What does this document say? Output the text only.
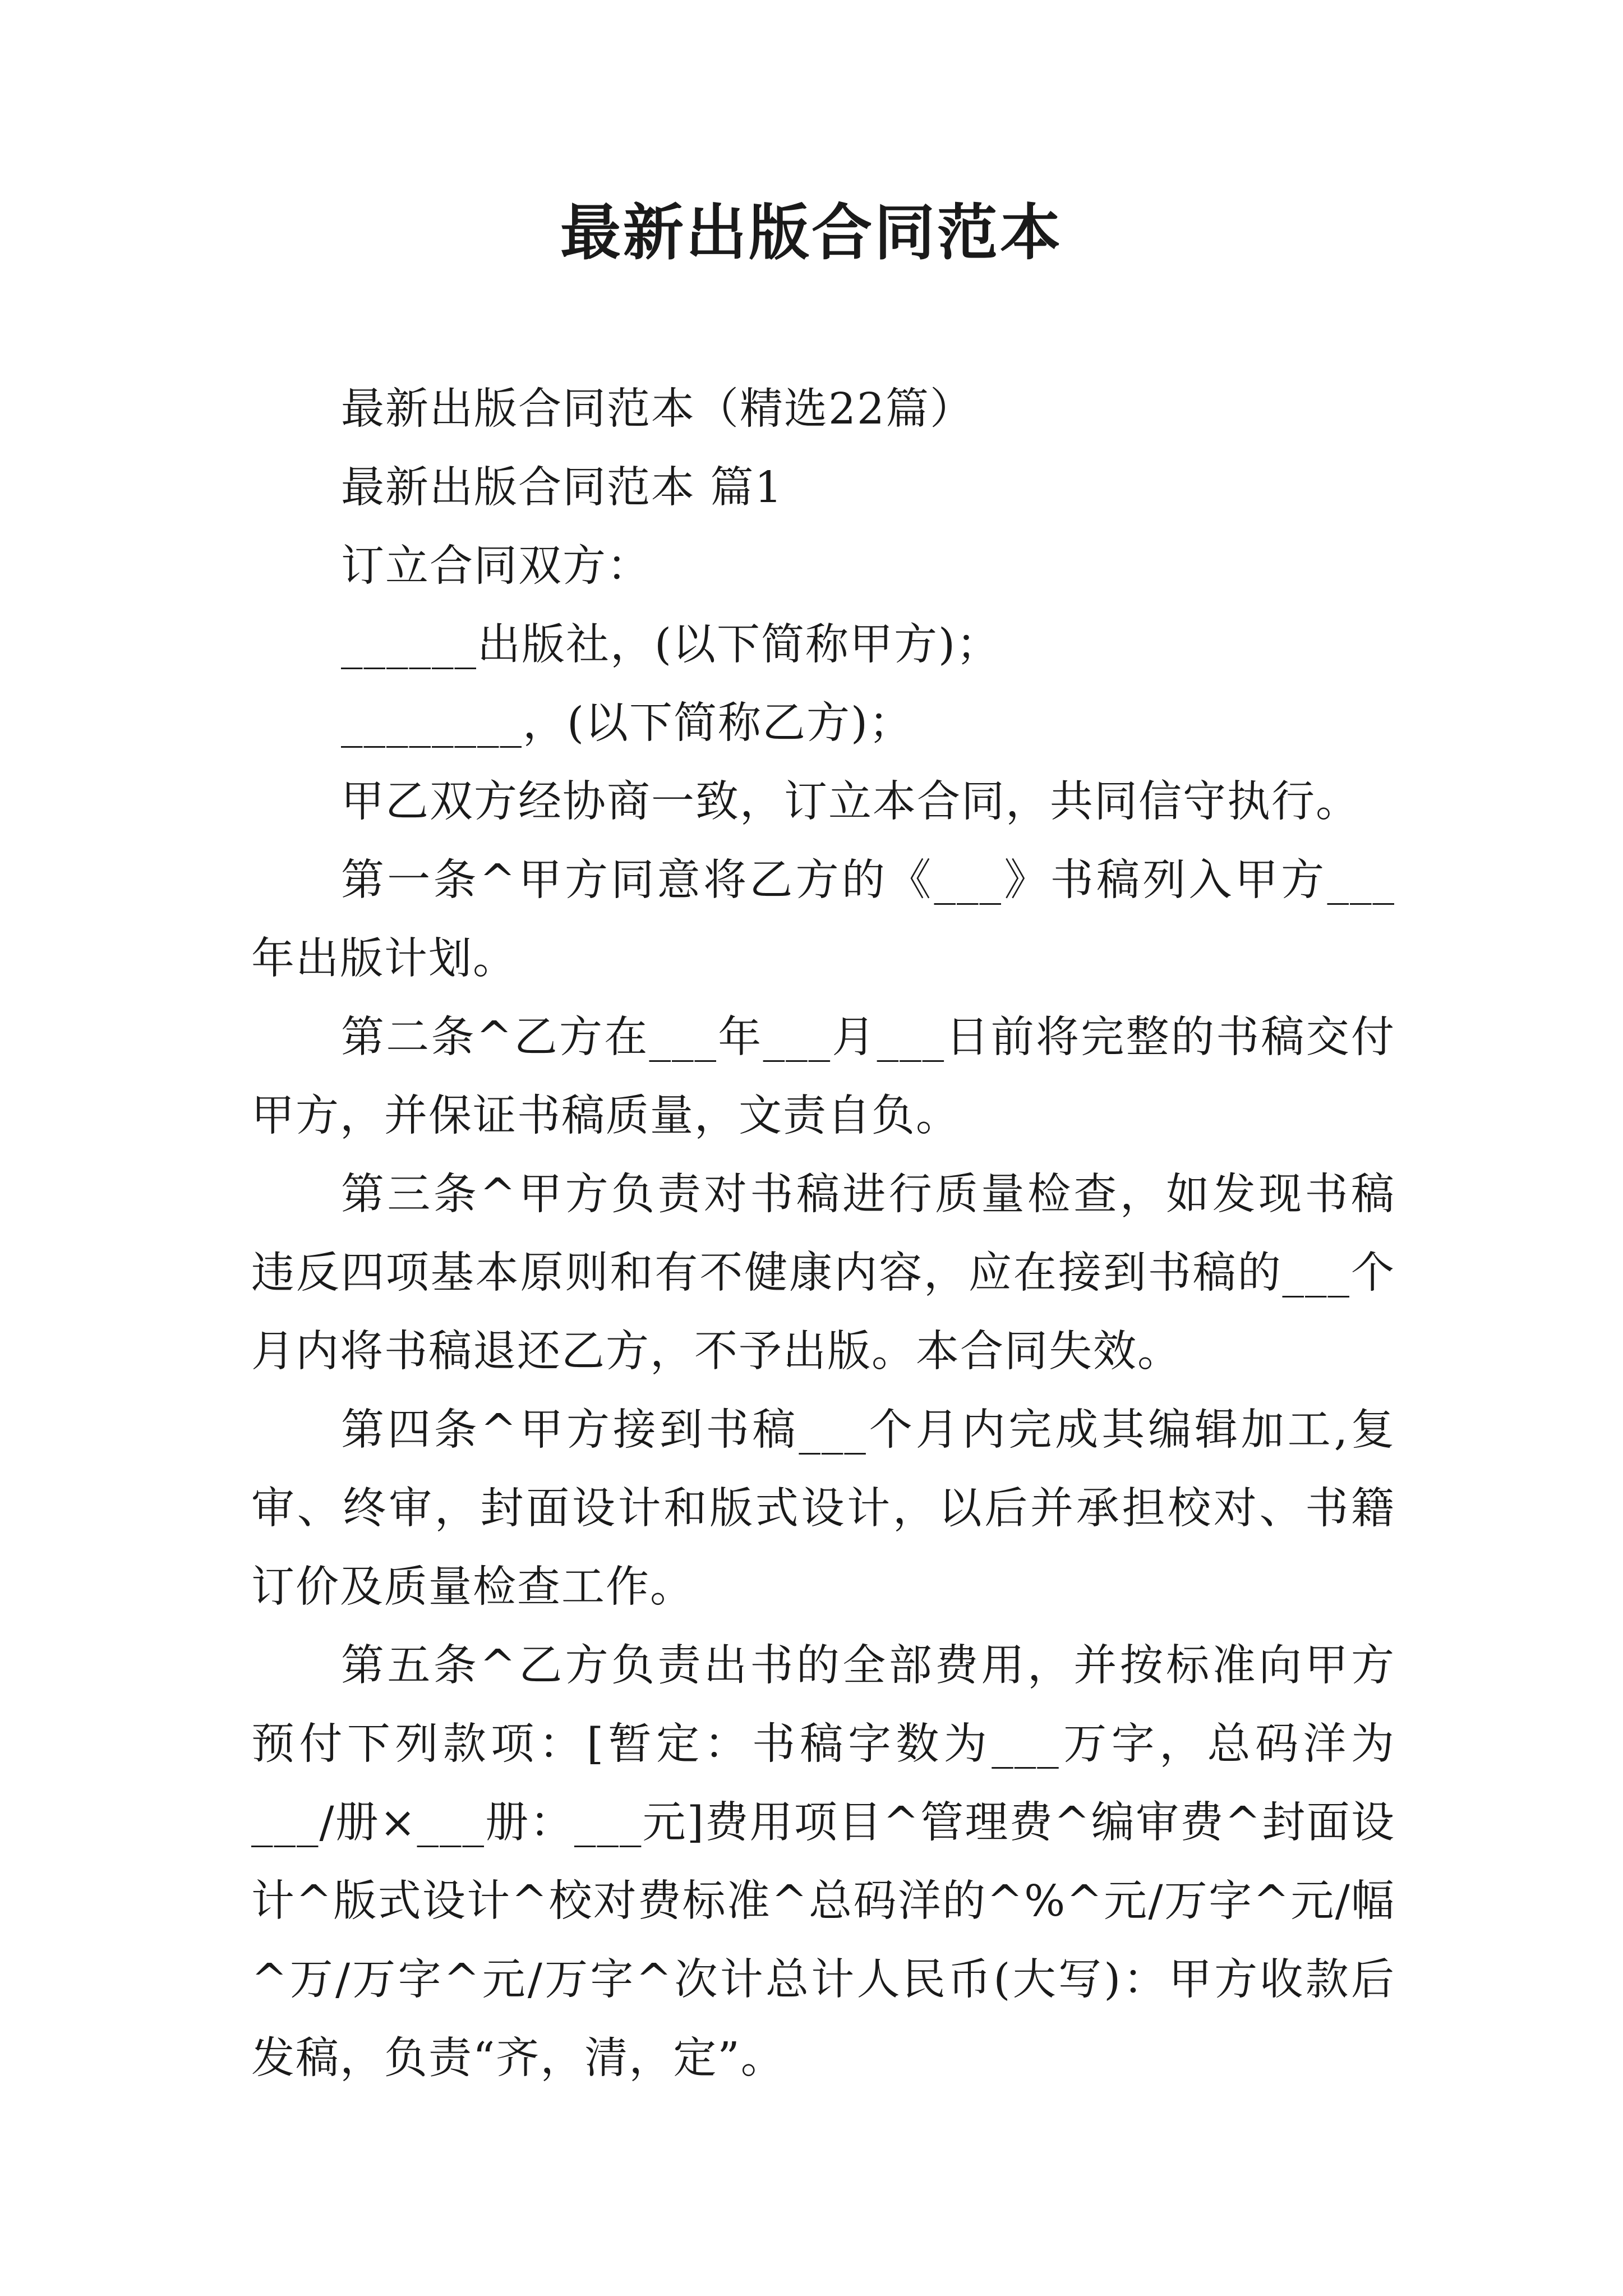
最新出版合同范本

最新出版合同范本（精选22篇）

最新出版合同范本 篇1

订立合同双方：

______出版社，(以下简称甲方)；

________，(以下简称乙方)；

甲乙双方经协商一致，订立本合同，共同信守执行。

第一条^甲方同意将乙方的《___》书稿列入甲方___年出版计划。

第二条^乙方在___年___月___日前将完整的书稿交付甲方，并保证书稿质量，文责自负。

第三条^甲方负责对书稿进行质量检查，如发现书稿违反四项基本原则和有不健康内容，应在接到书稿的___个月内将书稿退还乙方，不予出版。本合同失效。

第四条^甲方接到书稿___个月内完成其编辑加工,复审、终审，封面设计和版式设计，以后并承担校对、书籍订价及质量检查工作。

第五条^乙方负责出书的全部费用，并按标准向甲方预付下列款项：[暂定：书稿字数为___万字，总码洋为___/册×___册：___元]费用项目^管理费^编审费^封面设计^版式设计^校对费标准^总码洋的^%^元/万字^元/幅^万/万字^元/万字^次计总计人民币(大写)：甲方收款后发稿，负责“齐，清，定”。
